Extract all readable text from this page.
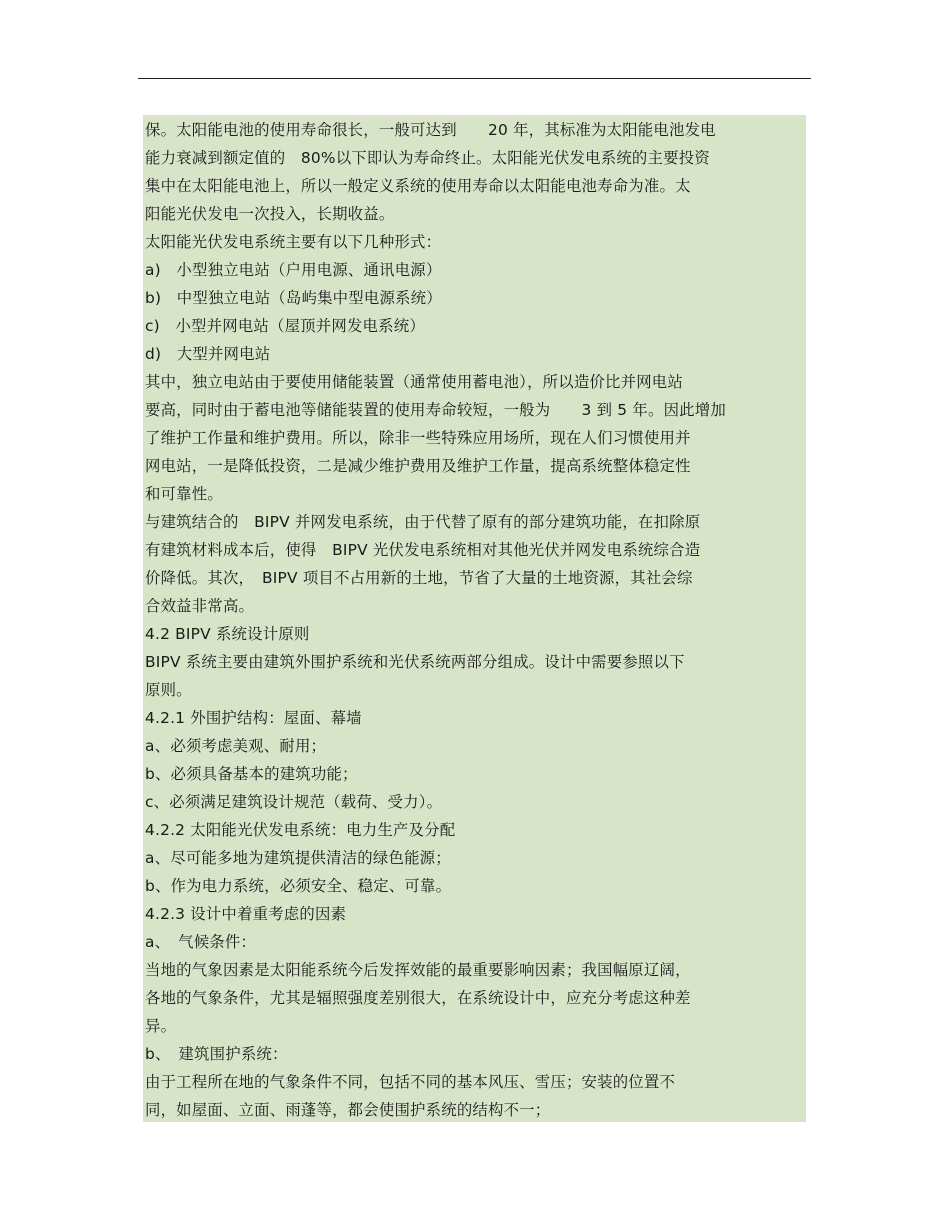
保。太阳能电池的使用寿命很长，一般可达到　　20 年，其标准为太阳能电池发电
能力衰减到额定值的　80%以下即认为寿命终止。太阳能光伏发电系统的主要投资
集中在太阳能电池上，所以一般定义系统的使用寿命以太阳能电池寿命为准。太
阳能光伏发电一次投入，长期收益。
太阳能光伏发电系统主要有以下几种形式：
a)　小型独立电站（户用电源、通讯电源）
b)　中型独立电站（岛屿集中型电源系统）
c)　小型并网电站（屋顶并网发电系统）
d)　大型并网电站
其中，独立电站由于要使用储能装置（通常使用蓄电池），所以造价比并网电站
要高，同时由于蓄电池等储能装置的使用寿命较短，一般为　　3 到 5 年。因此增加
了维护工作量和维护费用。所以，除非一些特殊应用场所，现在人们习惯使用并
网电站，一是降低投资，二是减少维护费用及维护工作量，提高系统整体稳定性
和可靠性。
与建筑结合的　BIPV 并网发电系统，由于代替了原有的部分建筑功能，在扣除原
有建筑材料成本后，使得　BIPV 光伏发电系统相对其他光伏并网发电系统综合造
价降低。其次，　BIPV 项目不占用新的土地，节省了大量的土地资源，其社会综
合效益非常高。
4.2 BIPV 系统设计原则
BIPV 系统主要由建筑外围护系统和光伏系统两部分组成。设计中需要参照以下
原则。
4.2.1 外围护结构：屋面、幕墙
a、必须考虑美观、耐用；
b、必须具备基本的建筑功能；
c、必须满足建筑设计规范（载荷、受力）。
4.2.2 太阳能光伏发电系统：电力生产及分配
a、尽可能多地为建筑提供清洁的绿色能源；
b、作为电力系统，必须安全、稳定、可靠。
4.2.3 设计中着重考虑的因素
a、　气候条件：
当地的气象因素是太阳能系统今后发挥效能的最重要影响因素；我国幅原辽阔，
各地的气象条件，尤其是辐照强度差别很大，在系统设计中，应充分考虑这种差
异。
b、　建筑围护系统：
由于工程所在地的气象条件不同，包括不同的基本风压、雪压；安装的位置不
同，如屋面、立面、雨蓬等，都会使围护系统的结构不一；
